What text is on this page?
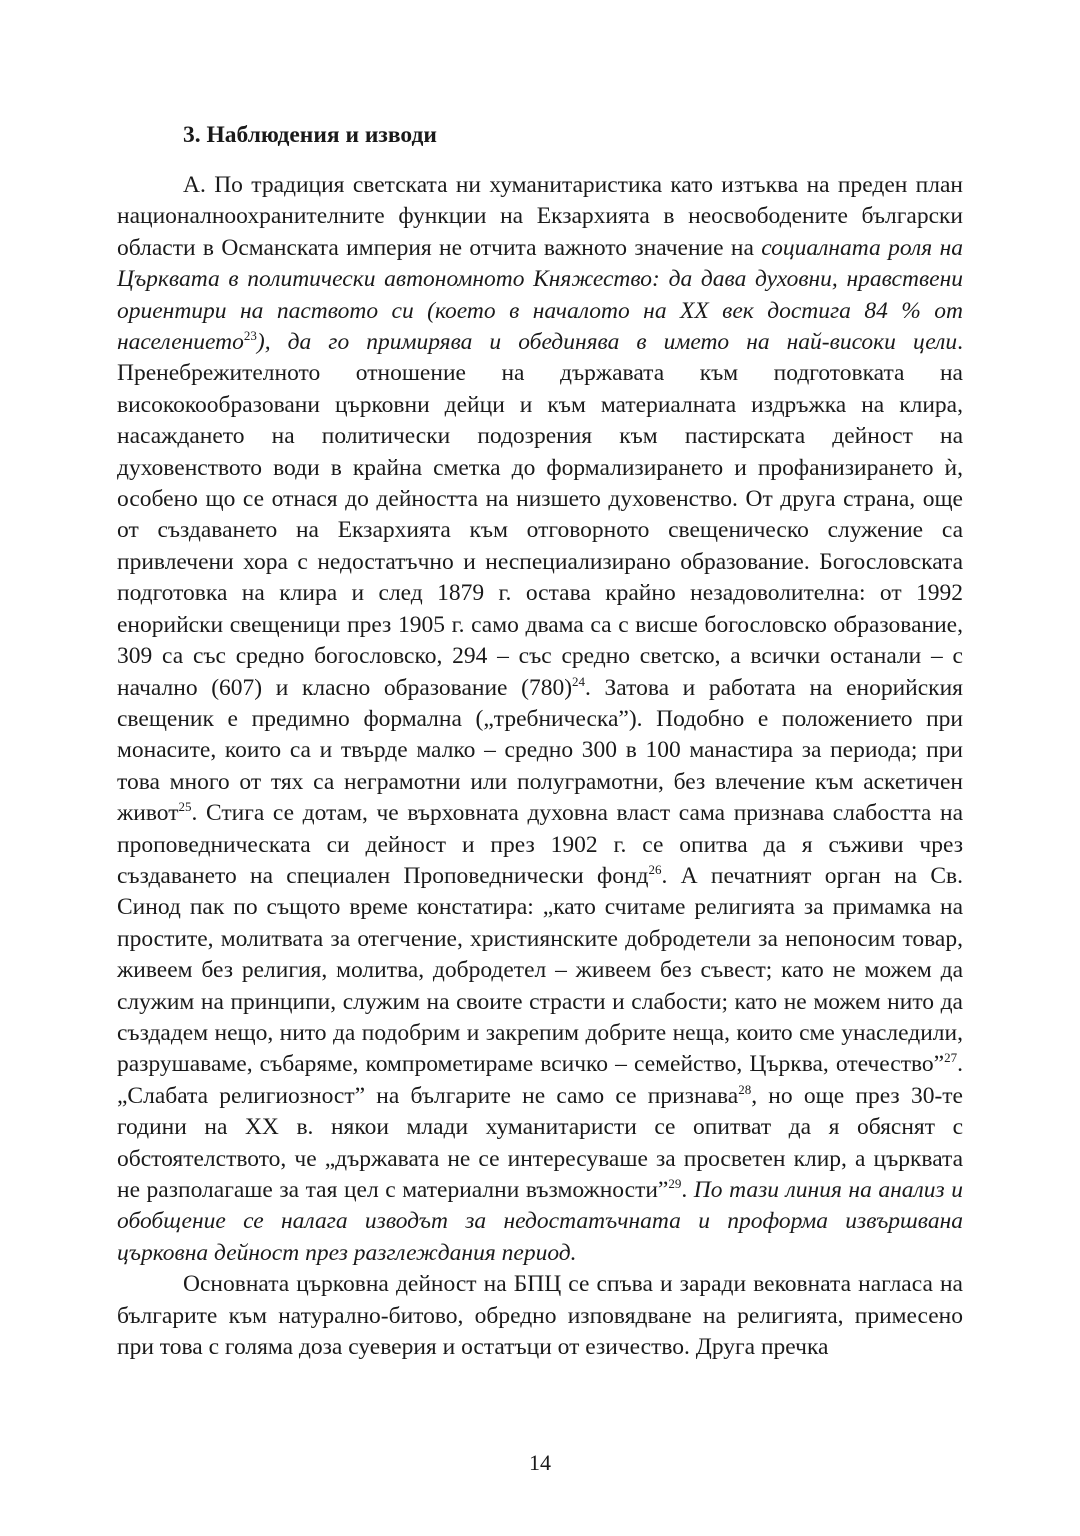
3. Наблюдения и изводи

А. По традиция светската ни хуманитаристика като изтъква на преден план националноохранителните функции на Екзархията в неосвободените български области в Османската империя не отчита важното значение на социалната роля на Църквата в политически автономното Княжество: да дава духовни, нравствени ориентири на паството си (което в началото на XX век достига 84 % от населението$^{23}$), да го примирява и обединява в името на най-високи цели. Пренебрежителното отношение на държавата към подготовката на висококообразовани църковни дейци и към материалната издръжка на клира, насаждането на политически подозрения към пастирската дейност на духовенството води в крайна сметка до формализирането и профанизирането ѝ, особено що се отнася до дейността на низшето духовенство. От друга страна, още от създаването на Екзархията към отговорното свещеническо служение са привлечени хора с недостатъчно и неспециализирано образование. Богословската подготовка на клира и след 1879 г. остава крайно незадоволителна: от 1992 енорийски свещеници през 1905 г. само двама са с висше богословско образование, 309 са със средно богословско, 294 – със средно светско, а всички останали – с начално (607) и класно образование $(780)^{24}$. Затова и работата на енорийския свещеник е предимно формална („требническа”). Подобно е положението при монасите, които са и твърде малко – средно 300 в 100 манастира за периода; при това много от тях са неграмотни или полуграмотни, без влечение към аскетичен живот$^{25}$. Стига се дотам, че върховната духовна власт сама признава слабостта на проповедническата си дейност и през 1902 г. се опитва да я съживи чрез създаването на специален Проповеднически фонд$^{26}$. А печатният орган на Св. Синод пак по същото време констатира: „като считаме религията за примамка на простите, молитвата за отегчение, християнските добродетели за непоносим товар, живеем без религия, молитва, добродетел – живеем без съвест; като не можем да служим на принципи, служим на своите страсти и слабости; като не можем нито да създадем нещо, нито да подобрим и закрепим добрите неща, които сме унаследили, разрушаваме, събаряме, компрометираме всичко – семейство, Църква, отечество”$^{27}$. „Слабата религиозност” на българите не само се признава$^{28}$, но още през 30-те години на XX в. някои млади хуманитаристи се опитват да я обяснят с обстоятелството, че „държавата не се интересуваше за просветен клир, а църквата не разполагаше за тая цел с материални възможности”$^{29}$. По тази линия на анализ и обобщение се налага изводът за недостатъчната и проформа извършвана църковна дейност през разглеждания период.

Основната църковна дейност на БПЦ се спъва и заради вековната нагласа на българите към натурално-битово, обредно изповядване на религията, примесено при това с голяма доза суеверия и остатъци от езичество. Друга пречка

14
